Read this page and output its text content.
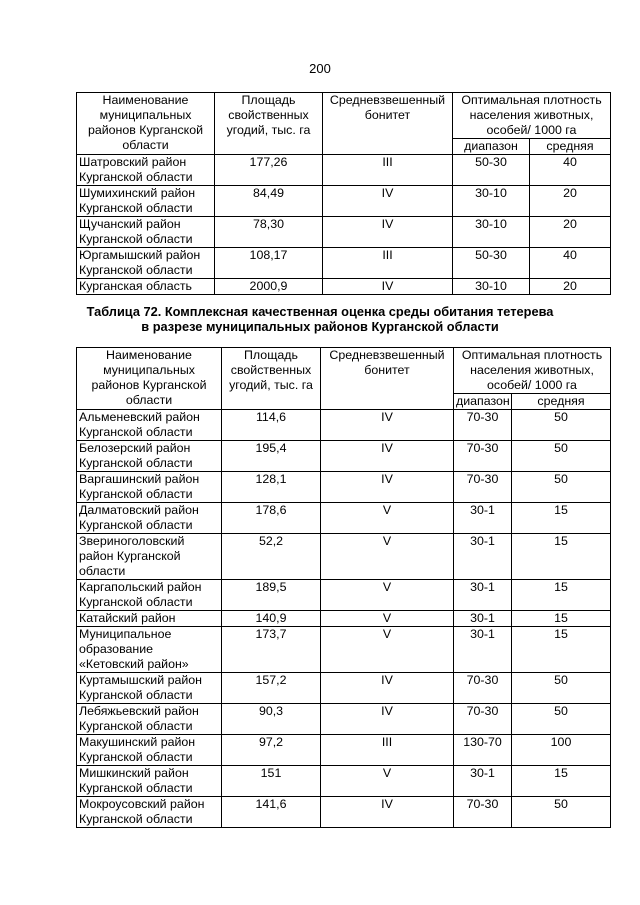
200
Наименование муниципальных районов Курганской области	Площадь свойственных угодий, тыс. га	Средневзвешенный бонитет	Оптимальная плотность населения животных, особей/ 1000 га	
			диапазон	средняя
Шатровский район Курганской области	177,26	III	50-30	40
Шумихинский район Курганской области	84,49	IV	30-10	20
Щучанский район Курганской области	78,30	IV	30-10	20
Юргамышский район Курганской области	108,17	III	50-30	40
Курганская область	2000,9	IV	30-10	20
Таблица 72. Комплексная качественная оценка среды обитания тетерева
в разрезе муниципальных районов Курганской области
Наименование муниципальных районов Курганской области	Площадь свойственных угодий, тыс. га	Средневзвешенный бонитет	Оптимальная плотность населения животных, особей/ 1000 га	
			диапазон	средняя
Альменевский район Курганской области	114,6	IV	70-30	50
Белозерский район Курганской области	195,4	IV	70-30	50
Варгашинский район Курганской области	128,1	IV	70-30	50
Далматовский район Курганской области	178,6	V	30-1	15
Звериноголовский район Курганской области	52,2	V	30-1	15
Каргапольский район Курганской области	189,5	V	30-1	15
Катайский район	140,9	V	30-1	15
Муниципальное образование «Кетовский район»	173,7	V	30-1	15
Куртамышский район Курганской области	157,2	IV	70-30	50
Лебяжьевский район Курганской области	90,3	IV	70-30	50
Макушинский район Курганской области	97,2	III	130-70	100
Мишкинский район Курганской области	151	V	30-1	15
Мокроусовский район Курганской области	141,6	IV	70-30	50
